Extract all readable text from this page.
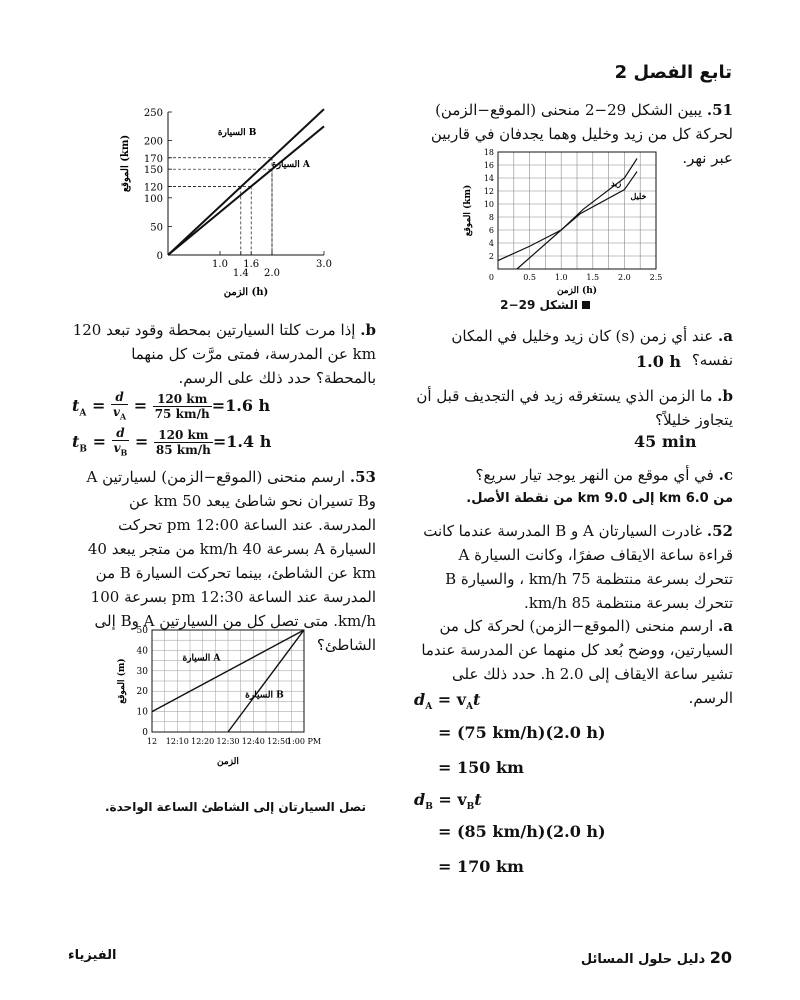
تابع الفصل 2
51. يبين الشكل 29−2 منحنى (الموقع−الزمن) لحركة كل من زيد وخليل وهما يجدفان في قاربين عبر نهر.
2
4
6
8
10
12
14
16
18
0.5 1.0 1.5 2.0 2.5
0
الزمن (h)
الموقع (km)
زيد
خليل
الشكل 29−2
a. عند أي زمن (s) كان زيد وخليل في المكان نفسه؟
1.0 h
b. ما الزمن الذي يستغرقه زيد في التجديف قبل أن يتجاوز خليلاً؟
45 min
c. في أي موقع من النهر يوجد تيار سريع؟
من 6.0 km إلى 9.0 km من نقطة الأصل.
52. غادرت السيارتان A و B المدرسة عندما كانت قراءة ساعة الايقاف صفرًا، وكانت السيارة A تتحرك بسرعة منتظمة 75 km/h ، والسيارة B تتحرك بسرعة منتظمة 85 km/h.
a. ارسم منحنى (الموقع−الزمن) لحركة كل من السيارتين، ووضح بُعد كل منهما عن المدرسة عندما تشير ساعة الايقاف إلى 2.0 h. حدد ذلك على الرسم.
$d_A = v_At$
= (75 km/h)(2.0 h)
= 150 km
$d_B = v_Bt$
= (85 km/h)(2.0 h)
= 170 km
0
50
100
120
150
170
200
250
1.0
1.4
1.6
2.0
3.0
السيارة B
السيارة A
الزمن (h)
الموقع (km)
b. إذا مرت كلتا السيارتين بمحطة وقود تبعد 120 km عن المدرسة، فمتى مرَّت كل منهما بالمحطة؟ حدد ذلك على الرسم.
$t_A = \frac{d}{v_A} = \frac{120 km}{75 km/h} =1.6$ h
$t_B = \frac{d}{v_B} = \frac{120 km}{85 km/h} =1.4$ h
53. ارسم منحنى (الموقع−الزمن) لسيارتين A وB تسيران نحو شاطئ يبعد 50 km عن المدرسة. عند الساعة 12:00 pm تحركت السيارة A بسرعة 40 km/h من متجر يبعد 40 km عن الشاطئ، بينما تحركت السيارة B من المدرسة عند الساعة 12:30 pm بسرعة 100 km/h. متى تصل كل من السيارتين A وB إلى الشاطئ؟
0
10
20
30
40
50
12 12:10 12:20 12:30 12:40 12:50
1:00 PM
السيارة A
السيارة B
الزمن
الموقع (m)
تصل السيارتان إلى الشاطئ الساعة الواحدة.
20 دليل حلول المسائل
الفيزياء
